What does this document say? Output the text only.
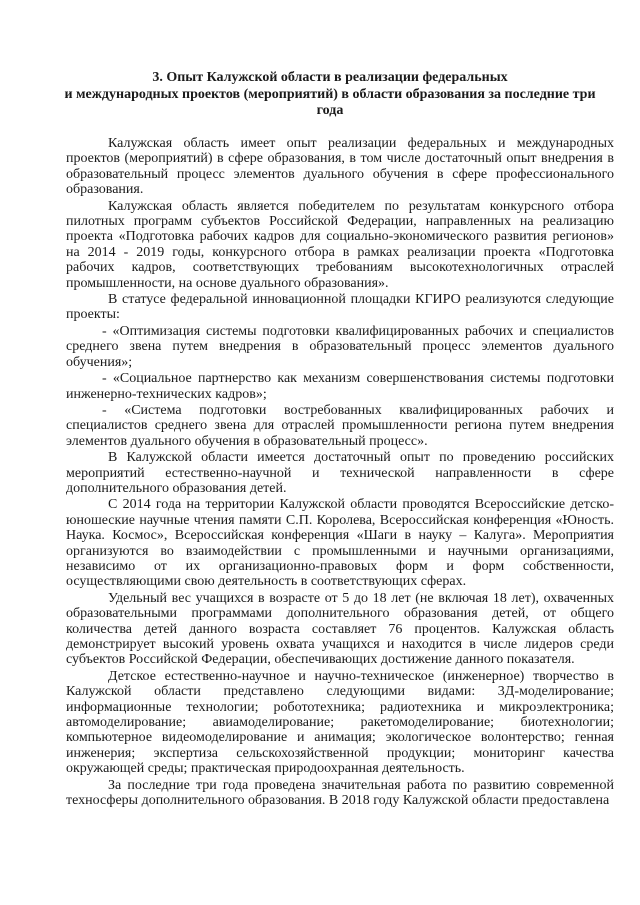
3. Опыт Калужской области в реализации федеральных
и международных проектов (мероприятий) в области образования за последние три
года

Калужская область имеет опыт реализации федеральных и международных проектов (мероприятий) в сфере образования, в том числе достаточный опыт внедрения в образовательный процесс элементов дуального обучения в сфере профессионального образования.

Калужская область является победителем по результатам конкурсного отбора пилотных программ субъектов Российской Федерации, направленных на реализацию проекта «Подготовка рабочих кадров для социально-экономического развития регионов» на 2014 - 2019 годы, конкурсного отбора в рамках реализации проекта «Подготовка рабочих кадров, соответствующих требованиям высокотехнологичных отраслей промышленности, на основе дуального образования».

В статусе федеральной инновационной площадки КГИРО реализуются следующие проекты:

- «Оптимизация системы подготовки квалифицированных рабочих и специалистов среднего звена путем внедрения в образовательный процесс элементов дуального обучения»;

- «Социальное партнерство как механизм совершенствования системы подготовки инженерно-технических кадров»;

- «Система подготовки востребованных квалифицированных рабочих и специалистов среднего звена для отраслей промышленности региона путем внедрения элементов дуального обучения в образовательный процесс».

В Калужской области имеется достаточный опыт по проведению российских мероприятий естественно-научной и технической направленности в сфере дополнительного образования детей.

С 2014 года на территории Калужской области проводятся Всероссийские детско-юношеские научные чтения памяти С.П. Королева, Всероссийская конференция «Юность. Наука. Космос», Всероссийская конференция «Шаги в науку – Калуга». Мероприятия организуются во взаимодействии с промышленными и научными организациями, независимо от их организационно-правовых форм и форм собственности, осуществляющими свою деятельность в соответствующих сферах.

Удельный вес учащихся в возрасте от 5 до 18 лет (не включая 18 лет), охваченных образовательными программами дополнительного образования детей, от общего количества детей данного возраста составляет 76 процентов. Калужская область демонстрирует высокий уровень охвата учащихся и находится в числе лидеров среди субъектов Российской Федерации, обеспечивающих достижение данного показателя.

Детское естественно-научное и научно-техническое (инженерное) творчество в Калужской области представлено следующими видами: 3Д-моделирование; информационные технологии; робототехника; радиотехника и микроэлектроника; автомоделирование; авиамоделирование; ракетомоделирование; биотехнологии; компьютерное видеомоделирование и анимация; экологическое волонтерство; генная инженерия; экспертиза сельскохозяйственной продукции; мониторинг качества окружающей среды; практическая природоохранная деятельность.

За последние три года проведена значительная работа по развитию современной техносферы дополнительного образования. В 2018 году Калужской области предоставлена
